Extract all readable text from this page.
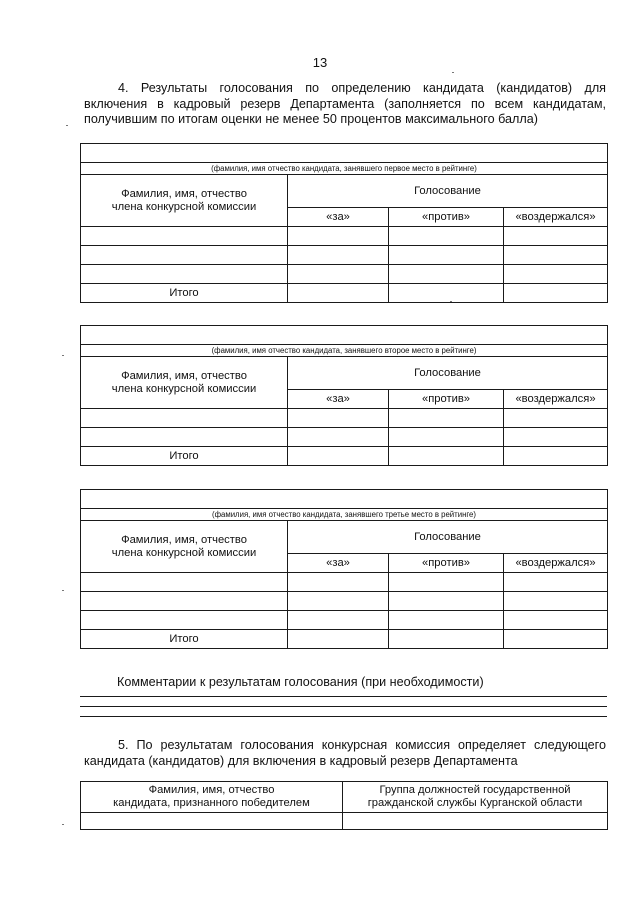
13
4. Результаты голосования по определению кандидата (кандидатов) для включения в кадровый резерв Департамента (заполняется по всем кандидатам, получившим по итогам оценки не менее 50 процентов максимального балла)

(фамилия, имя отчество кандидата, занявшего первое место в рейтинге)			
Фамилия, имя, отчество
члена конкурсной комиссии	Голосование		
	«за»	«против»	«воздержался»

Итого			

(фамилия, имя отчество кандидата, занявшего второе место в рейтинге)			
Фамилия, имя, отчество
члена конкурсной комиссии	Голосование		
	«за»	«против»	«воздержался»

Итого			

(фамилия, имя отчество кандидата, занявшего третье место в рейтинге)			
Фамилия, имя, отчество
члена конкурсной комиссии	Голосование		
	«за»	«против»	«воздержался»

Итого			
Комментарии к результатам голосования (при необходимости)
5. По результатам голосования конкурсная комиссия определяет следующего кандидата (кандидатов) для включения в кадровый резерв Департамента
Фамилия, имя, отчество
кандидата, признанного победителем	Группа должностей государственной
гражданской службы Курганской области
